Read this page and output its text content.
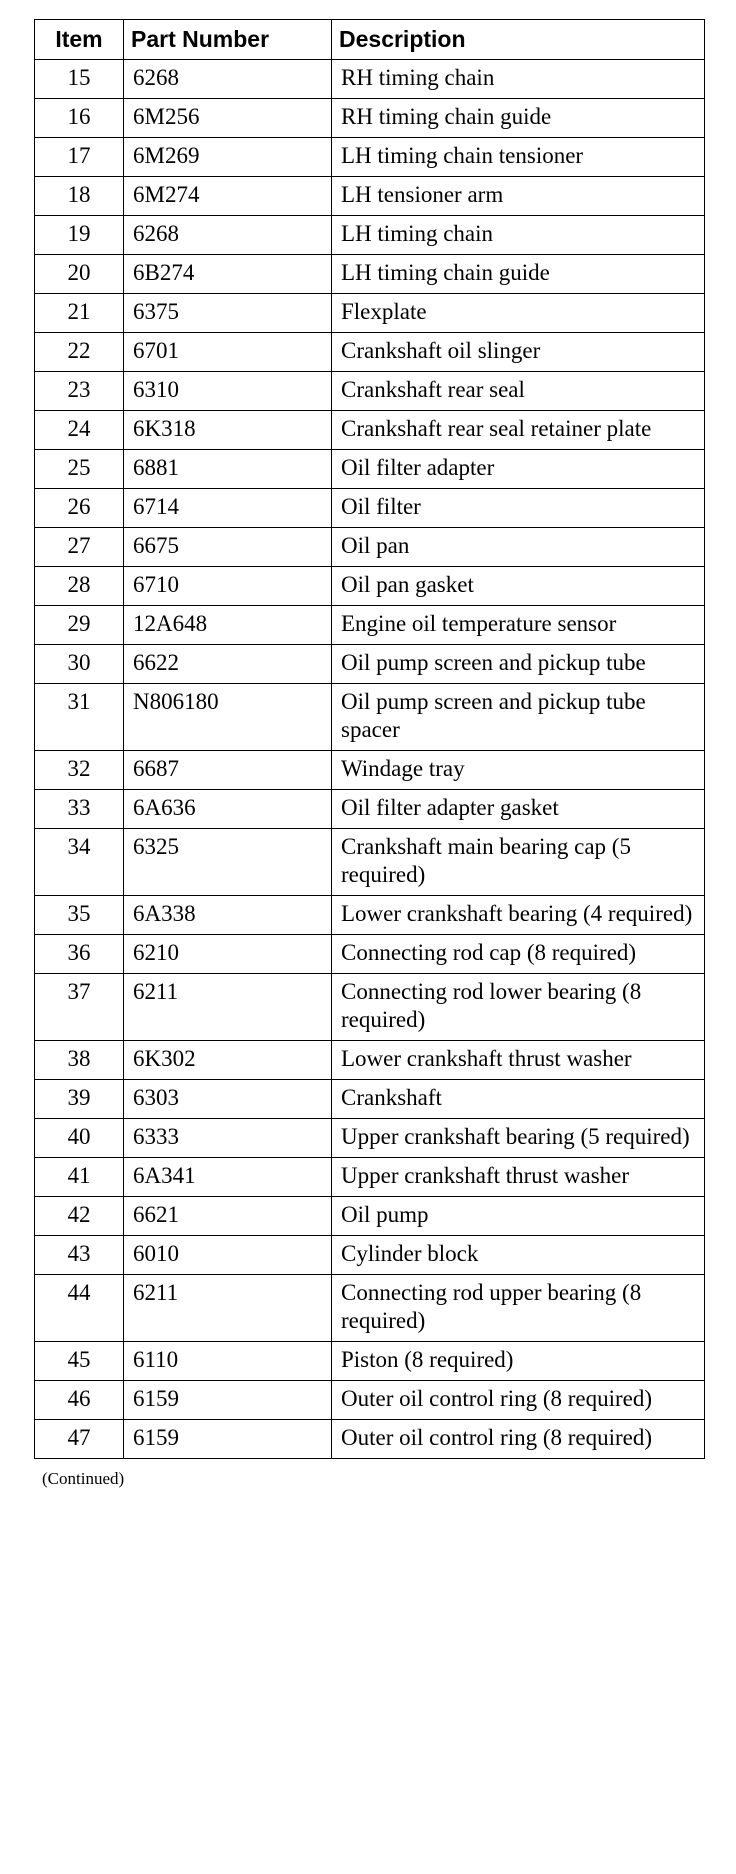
Item	Part Number	Description
15	6268	RH timing chain
16	6M256	RH timing chain guide
17	6M269	LH timing chain tensioner
18	6M274	LH tensioner arm
19	6268	LH timing chain
20	6B274	LH timing chain guide
21	6375	Flexplate
22	6701	Crankshaft oil slinger
23	6310	Crankshaft rear seal
24	6K318	Crankshaft rear seal retainer plate
25	6881	Oil filter adapter
26	6714	Oil filter
27	6675	Oil pan
28	6710	Oil pan gasket
29	12A648	Engine oil temperature sensor
30	6622	Oil pump screen and pickup tube
31	N806180	Oil pump screen and pickup tube spacer
32	6687	Windage tray
33	6A636	Oil filter adapter gasket
34	6325	Crankshaft main bearing cap (5 required)
35	6A338	Lower crankshaft bearing (4 required)
36	6210	Connecting rod cap (8 required)
37	6211	Connecting rod lower bearing (8 required)
38	6K302	Lower crankshaft thrust washer
39	6303	Crankshaft
40	6333	Upper crankshaft bearing (5 required)
41	6A341	Upper crankshaft thrust washer
42	6621	Oil pump
43	6010	Cylinder block
44	6211	Connecting rod upper bearing (8 required)
45	6110	Piston (8 required)
46	6159	Outer oil control ring (8 required)
47	6159	Outer oil control ring (8 required)
(Continued)
